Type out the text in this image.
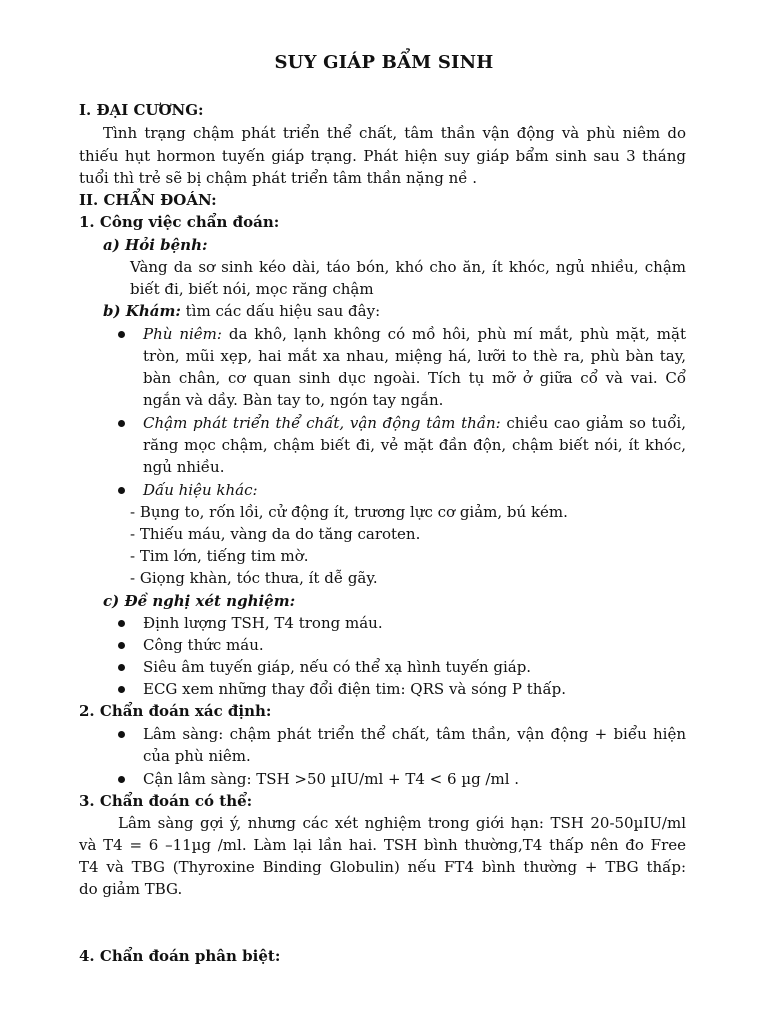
SUY GIÁP BẨM SINH
I. ĐẠI CƯƠNG:
Tình trạng chậm phát triển thể chất, tâm thần vận động và phù niêm do
thiếu hụt hormon tuyến giáp trạng. Phát hiện suy giáp bẩm sinh sau 3 tháng
tuổi thì trẻ sẽ bị chậm phát triển tâm thần nặng nề .
II. CHẨN ĐOÁN:
1. Công việc chẩn đoán:
a) Hỏi bệnh:
Vàng da sơ sinh kéo dài, táo bón, khó cho ăn, ít khóc, ngủ nhiều, chậm
biết đi, biết nói, mọc răng chậm
b) Khám: tìm các dấu hiệu sau đây:
Phù niêm: da khô, lạnh không có mồ hôi, phù mí mắt, phù mặt, mặt
tròn, mũi xẹp, hai mắt xa nhau, miệng há, lưỡi to thè ra, phù bàn tay,
bàn chân, cơ quan sinh dục ngoài. Tích tụ mỡ ở giữa cổ và vai. Cổ
ngắn và dầy. Bàn tay to, ngón tay ngắn.
Chậm phát triển thể chất, vận động tâm thần: chiều cao giảm so tuổi,
răng mọc chậm, chậm biết đi, vẻ mặt đần độn, chậm biết nói, ít khóc,
ngủ nhiều.
Dấu hiệu khác:
- Bụng to, rốn lồi, cử động ít, trương lực cơ giảm, bú kém.
- Thiếu máu, vàng da do tăng caroten.
- Tim lớn, tiếng tim mờ.
- Giọng khàn, tóc thưa, ít dễ gãy.
c) Đề nghị xét nghiệm:
Định lượng TSH, T4 trong máu.
Công thức máu.
Siêu âm tuyến giáp, nếu có thể xạ hình tuyến giáp.
ECG xem những thay đổi điện tim: QRS và sóng P thấp.
2. Chẩn đoán xác định:
Lâm sàng: chậm phát triển thể chất, tâm thần, vận động + biểu hiện
của phù niêm.
Cận lâm sàng: TSH >50 µIU/ml + T4 < 6 µg /ml .
3. Chẩn đoán có thể:
Lâm sàng gợi ý, nhưng các xét nghiệm trong giới hạn: TSH 20-50µIU/ml
và T4 = 6 –11µg /ml. Làm lại lần hai. TSH bình thường,T4 thấp nên đo Free
T4 và TBG (Thyroxine Binding Globulin) nếu FT4 bình thường + TBG thấp:
do giảm TBG.
4. Chẩn đoán phân biệt:
